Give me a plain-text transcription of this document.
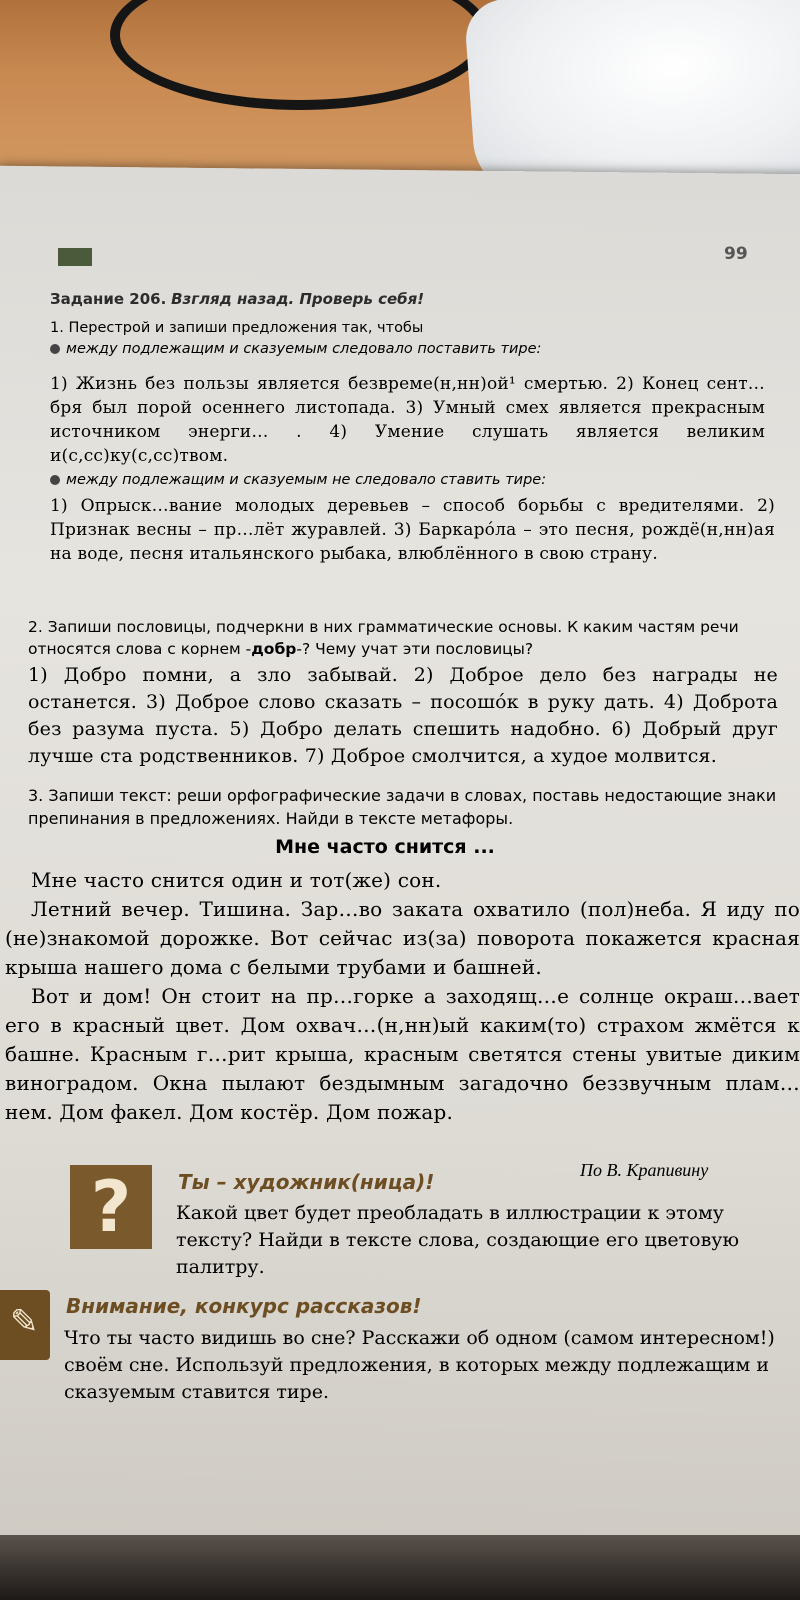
99
Задание 206. Взгляд назад. Проверь себя!

1. Перестрой и запиши предложения так, чтобы

между подлежащим и сказуемым следовало поставить тире:

1) Жизнь без пользы является безвреме(н,нн)ой¹ смертью. 2) Конец сент…бря был порой осеннего листопада. 3) Умный смех является прекрасным источником энерги… . 4) Умение слушать является великим и(с,сс)ку(с,сс)твом.
между подлежащим и сказуемым не следовало ставить тире:
1) Опрыск…вание молодых деревьев – способ борьбы с вредителями. 2) Признак весны – пр…лёт журавлей. 3) Баркарóла – это песня, рождё(н,нн)ая на воде, песня итальянского рыбака, влюблённого в свою страну.
2. Запиши пословицы, подчеркни в них грамматические основы. К каким частям речи относятся слова с корнем -добр-? Чему учат эти пословицы?
1) Добро помни, а зло забывай. 2) Доброе дело без награды не останется. 3) Доброе слово сказать – посошóк в руку дать. 4) Доброта без разума пуста. 5) Добро делать спешить надобно. 6) Добрый друг лучше ста родственников. 7) Доброе смолчится, а худое молвится.
3. Запиши текст: реши орфографические задачи в словах, поставь недостающие знаки препинания в предложениях. Найди в тексте метафоры.
Мне часто снится ...

Мне часто снится один и тот(же) сон.

Летний вечер. Тишина. Зар…во заката охватило (пол)неба. Я иду по (не)знакомой дорожке. Вот сейчас из(за) поворота покажется красная крыша нашего дома с белыми трубами и башней.

Вот и дом! Он стоит на пр…горке а заходящ…е солнце окраш…вает его в красный цвет. Дом охвач…(н,нн)ый каким(то) страхом жмётся к башне. Красным г…рит крыша, красным светятся стены увитые диким виноградом. Окна пылают бездымным загадочно беззвучным плам…нем. Дом факел. Дом костёр. Дом пожар.

По В. Крапивину
?	Ты – художник(ница)!
Какой цвет будет преобладать в иллюстрации к этому тексту? Найди в тексте слова, создающие его цветовую палитру.
✎
Внимание, конкурс рассказов!
Что ты часто видишь во сне? Расскажи об одном (самом интересном!) своём сне. Используй предложения, в которых между подлежащим и сказуемым ставится тире.
